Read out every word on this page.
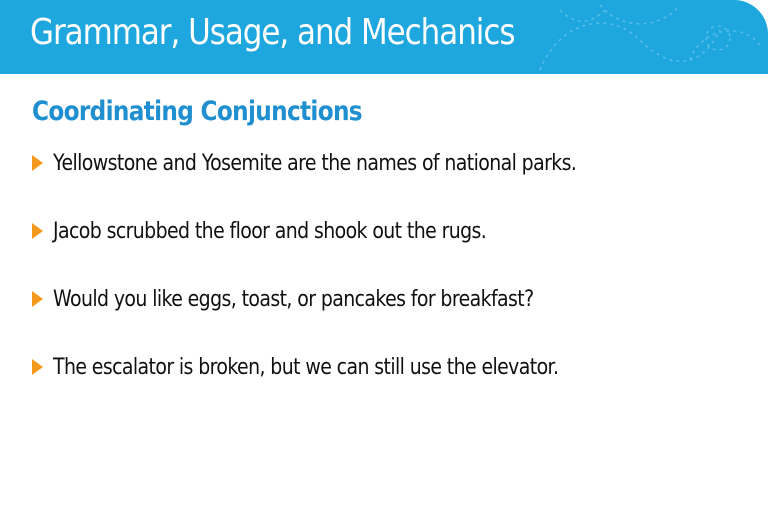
Grammar, Usage, and Mechanics
Coordinating Conjunctions
Yellowstone and Yosemite are the names of national parks.
Jacob scrubbed the floor and shook out the rugs.
Would you like eggs, toast, or pancakes for breakfast?
The escalator is broken, but we can still use the elevator.
